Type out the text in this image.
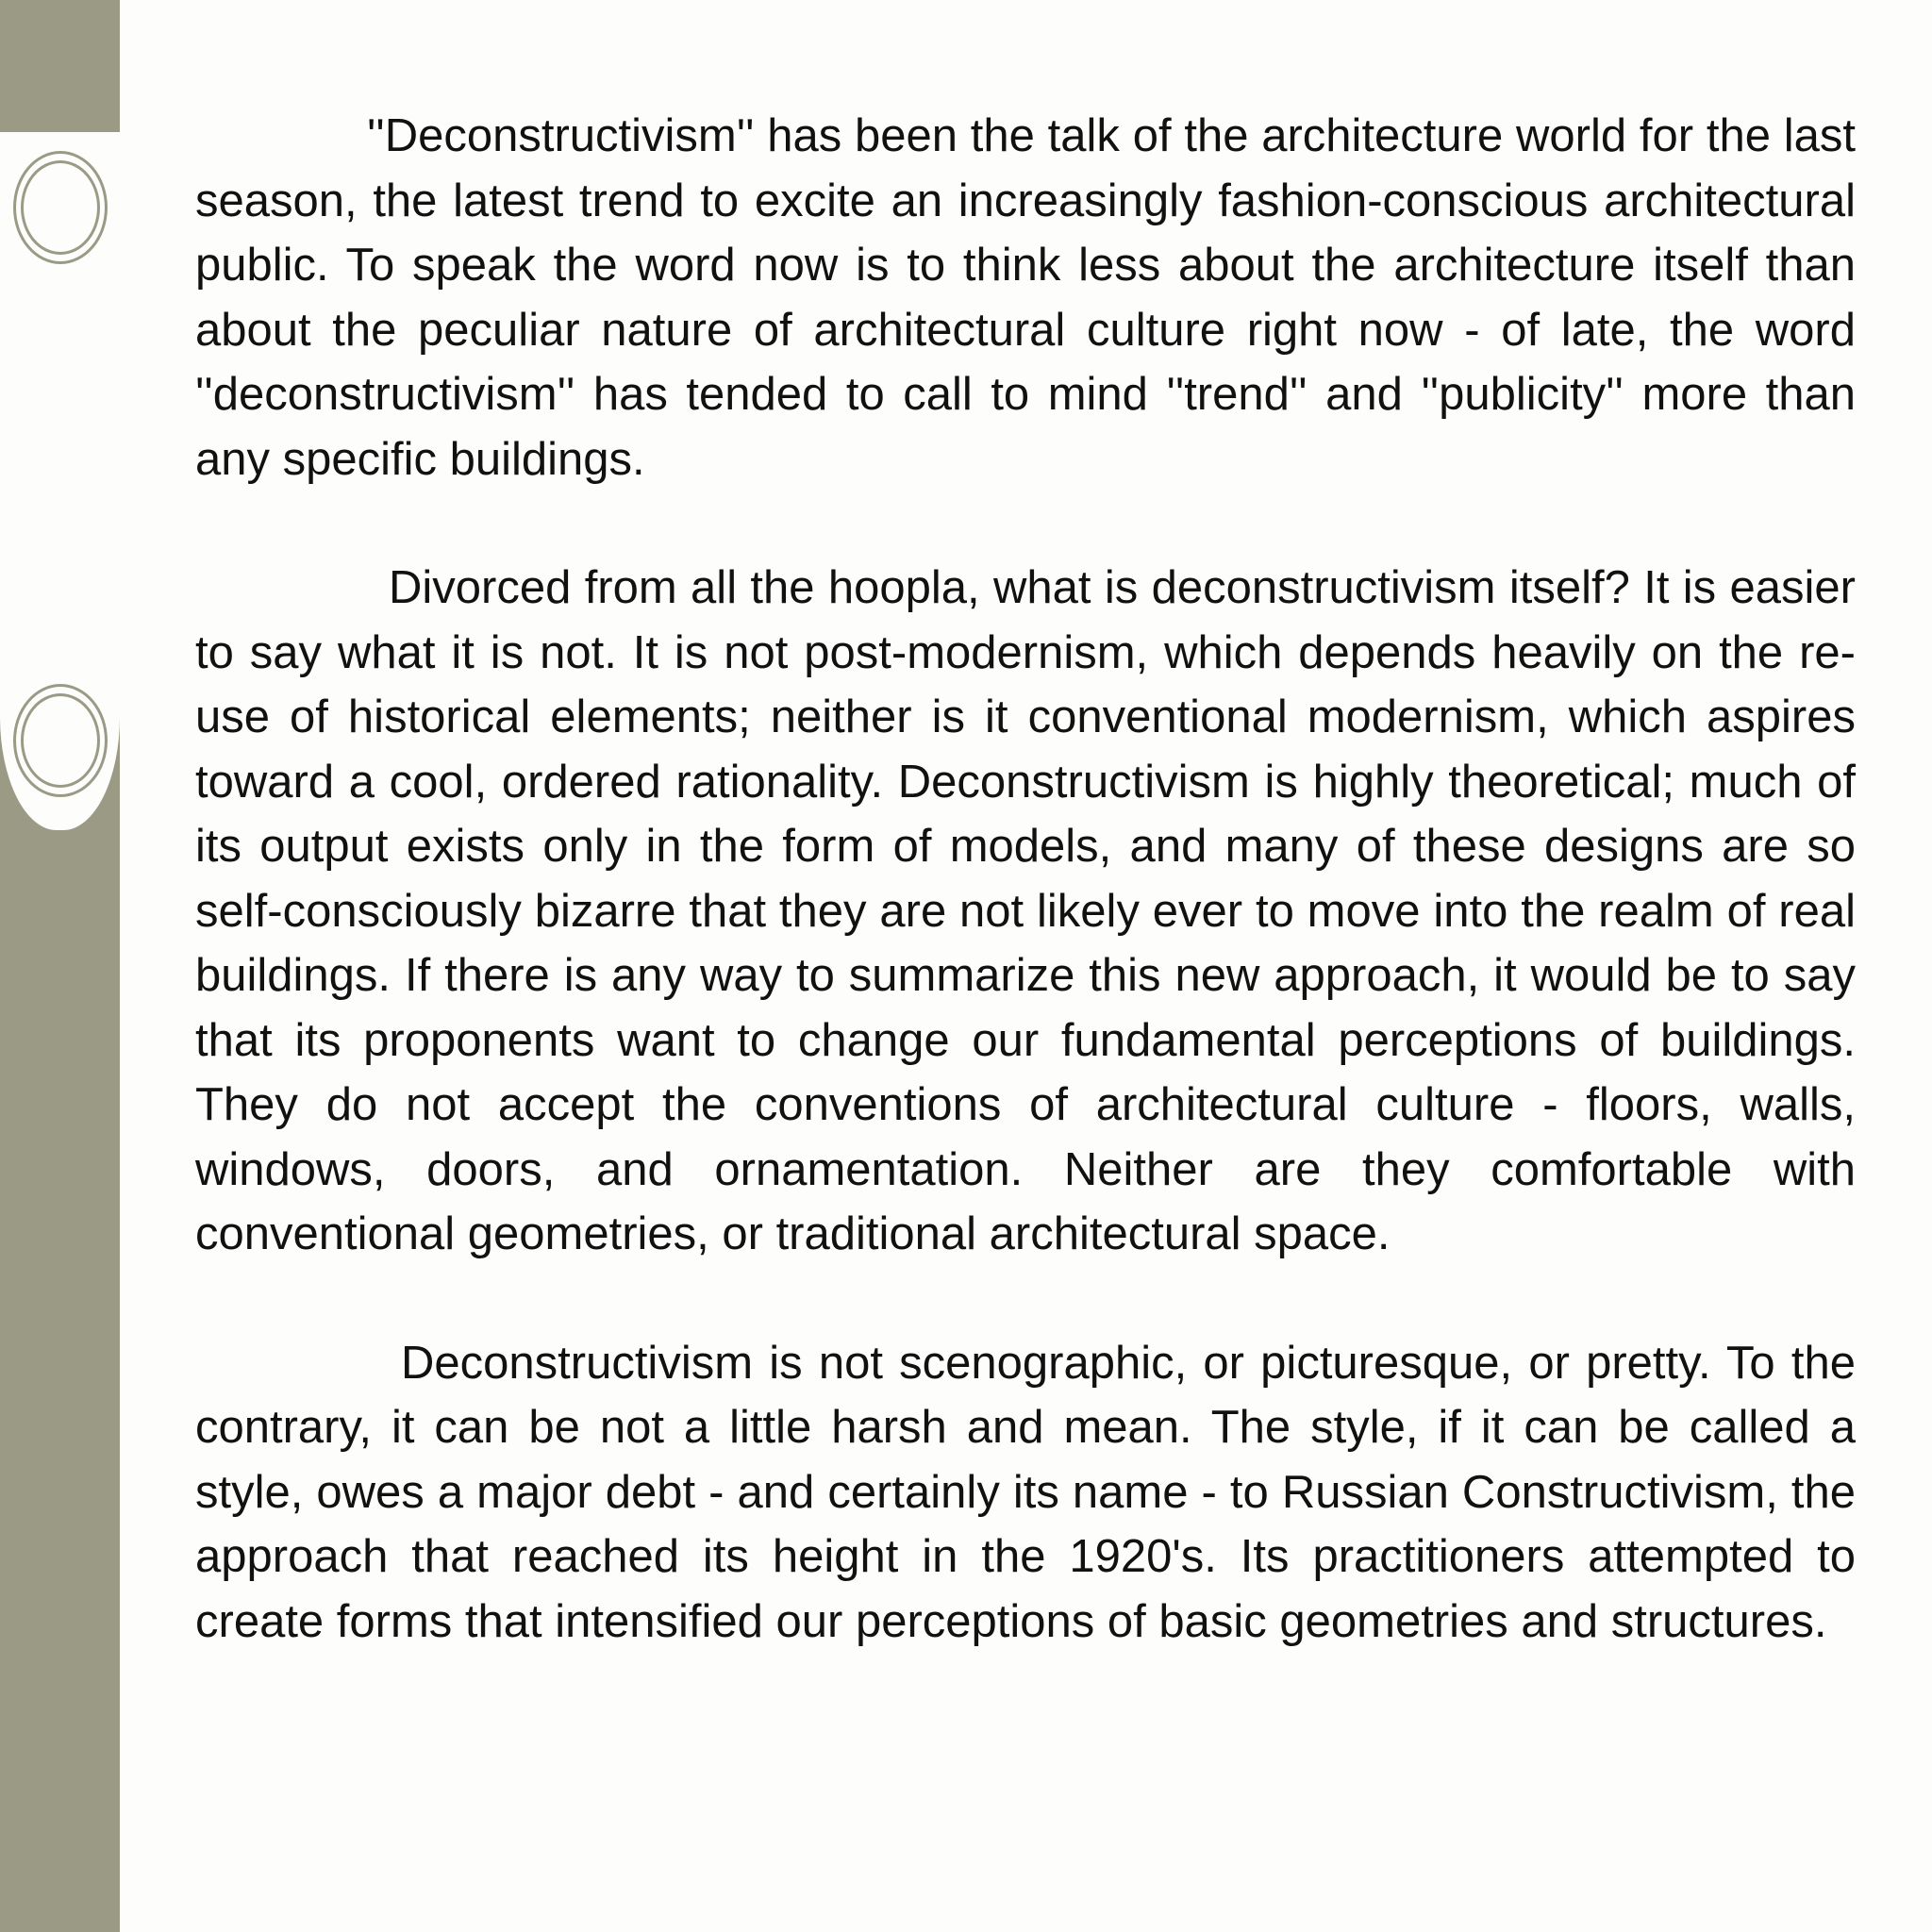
''Deconstructivism'' has been the talk of the architecture world for the last season, the latest trend to excite an increasingly fashion-conscious architectural public. To speak the word now is to think less about the architecture itself than about the peculiar nature of architectural culture right now - of late, the word ''deconstructivism'' has tended to call to mind ''trend'' and ''publicity'' more than any specific buildings.

Divorced from all the hoopla, what is deconstructivism itself? It is easier to say what it is not. It is not post-modernism, which depends heavily on the re-use of historical elements; neither is it conventional modernism, which aspires toward a cool, ordered rationality. Deconstructivism is highly theoretical; much of its output exists only in the form of models, and many of these designs are so self-consciously bizarre that they are not likely ever to move into the realm of real buildings. If there is any way to summarize this new approach, it would be to say that its proponents want to change our fundamental perceptions of buildings. They do not accept the conventions of architectural culture - floors, walls, windows, doors, and ornamentation. Neither are they comfortable with conventional geometries, or traditional architectural space.

Deconstructivism is not scenographic, or picturesque, or pretty. To the contrary, it can be not a little harsh and mean. The style, if it can be called a style, owes a major debt - and certainly its name - to Russian Constructivism, the approach that reached its height in the 1920's. Its practitioners attempted to create forms that intensified our perceptions of basic geometries and structures.
